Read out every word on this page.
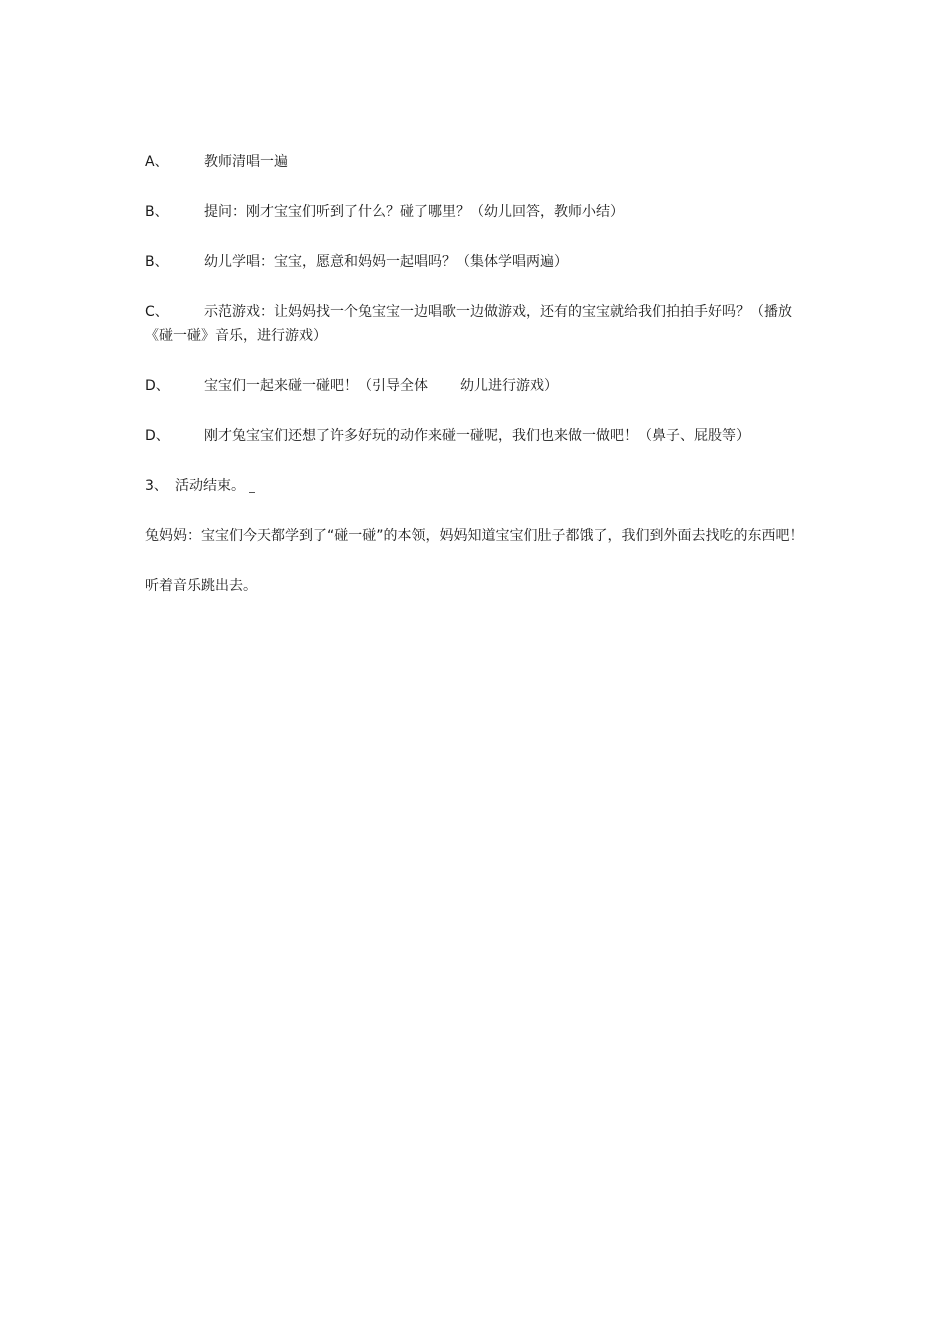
A、	教师清唱一遍

B、	提问：刚才宝宝们听到了什么？碰了哪里？（幼儿回答，教师小结）

B、	幼儿学唱：宝宝，愿意和妈妈一起唱吗？（集体学唱两遍）

C、	示范游戏：让妈妈找一个兔宝宝一边唱歌一边做游戏，还有的宝宝就给我们拍拍手好吗？（播放《碰一碰》音乐，进行游戏）

D、 宝宝们一起来碰一碰吧！（引导全体 幼儿进行游戏）

D、 刚才兔宝宝们还想了许多好玩的动作来碰一碰呢，我们也来做一做吧！（鼻子、屁股等）

3、 活动结束。

兔妈妈：宝宝们今天都学到了“碰一碰”的本领，妈妈知道宝宝们肚子都饿了，我们到外面去找吃的东西吧！

听着音乐跳出去。
